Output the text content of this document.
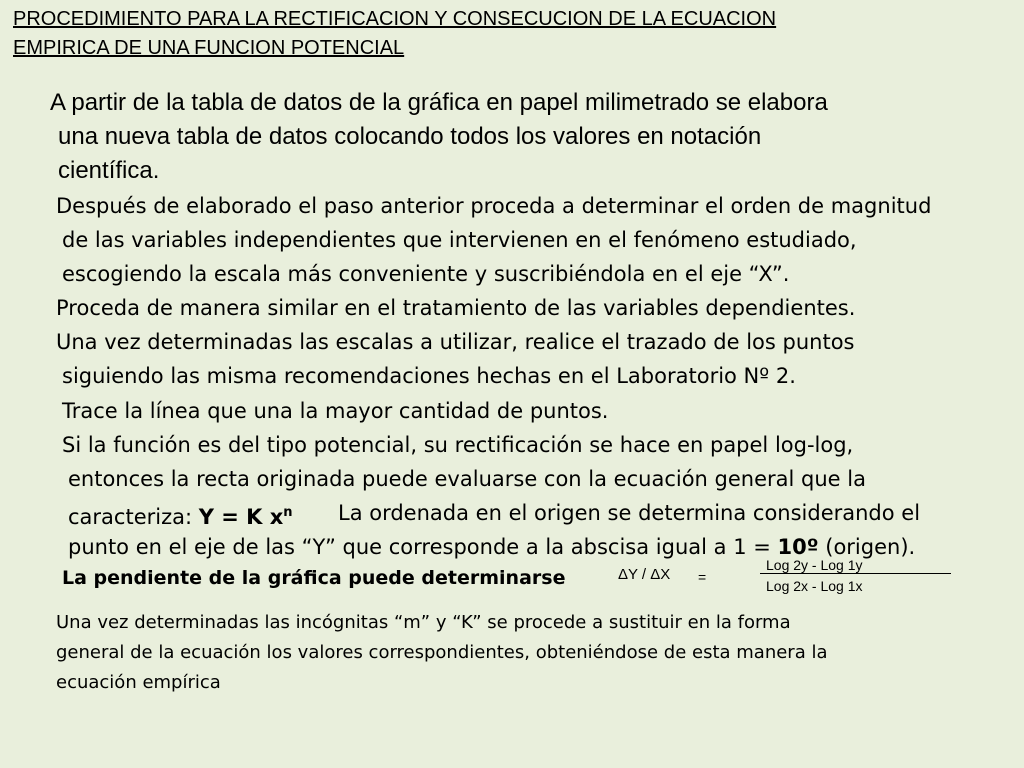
PROCEDIMIENTO PARA LA RECTIFICACION Y CONSECUCION DE LA ECUACION
EMPIRICA DE UNA FUNCION POTENCIAL
A partir de la tabla de datos de la gráfica en papel milimetrado se elabora
una nueva tabla de datos colocando todos los valores en notación
científica.
Después de elaborado el paso anterior proceda a determinar el orden de magnitud
de las variables independientes que intervienen en el fenómeno estudiado,
escogiendo la escala más conveniente y suscribiéndola en el eje “X”.
Proceda de manera similar en el tratamiento de las variables dependientes.
Una vez determinadas las escalas a utilizar, realice el trazado de los puntos
siguiendo las misma recomendaciones hechas en el Laboratorio Nº 2.
Trace la línea que una la mayor cantidad de puntos.
Si la función es del tipo potencial, su rectificación se hace en papel log-log,
entonces la recta originada puede evaluarse con la ecuación general que la
caracteriza: Y = K $x^n$ La ordenada en el origen se determina considerando el
punto en el eje de las “Y” que corresponde a la abscisa igual a 1 = 10º (origen).
La pendiente de la gráfica puede determinarse	ΔY / ΔX =
Log 2y - Log 1y
Log 2x - Log 1x
Una vez determinadas las incógnitas “m” y “K” se procede a sustituir en la forma
general de la ecuación los valores correspondientes, obteniéndose de esta manera la
ecuación empírica
